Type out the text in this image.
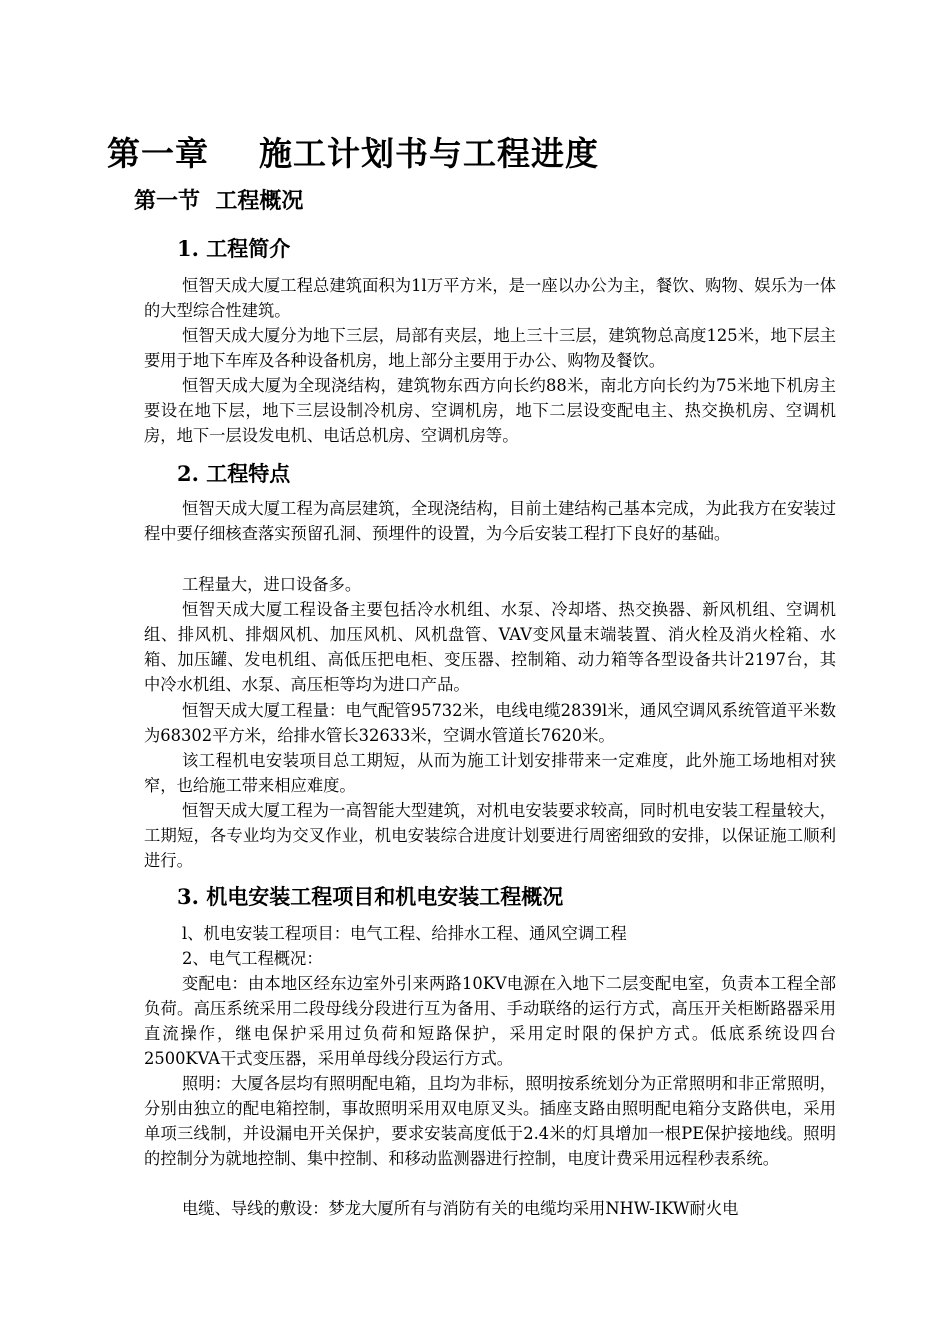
第一章    施工计划书与工程进度
第一节  工程概况
1. 工程简介

恒智天成大厦工程总建筑面积为1l万平方米，是一座以办公为主，餐饮、购物、娱乐为一体的大型综合性建筑。

恒智天成大厦分为地下三层，局部有夹层，地上三十三层，建筑物总高度125米，地下层主要用于地下车库及各种设备机房，地上部分主要用于办公、购物及餐饮。

恒智天成大厦为全现浇结构，建筑物东西方向长约88米，南北方向长约为75米地下机房主要设在地下层，地下三层设制冷机房、空调机房，地下二层设变配电主、热交换机房、空调机房，地下一层设发电机、电话总机房、空调机房等。

2. 工程特点

恒智天成大厦工程为高层建筑，全现浇结构，目前土建结构己基本完成，为此我方在安装过程中要仔细核查落实预留孔洞、预埋件的设置，为今后安装工程打下良好的基础。

工程量大，进口设备多。

恒智天成大厦工程设备主要包括冷水机组、水泵、冷却塔、热交换器、新风机组、空调机组、排风机、排烟风机、加压风机、风机盘管、VAV变风量末端装置、消火栓及消火栓箱、水箱、加压罐、发电机组、高低压把电柜、变压器、控制箱、动力箱等各型设备共计2197台，其中冷水机组、水泵、高压柜等均为进口产品。

恒智天成大厦工程量：电气配管95732米，电线电缆2839l米，通风空调风系统管道平米数为68302平方米，给排水管长32633米，空调水管道长7620米。

该工程机电安装项目总工期短，从而为施工计划安排带来一定难度，此外施工场地相对狭窄，也给施工带来相应难度。

恒智天成大厦工程为一高智能大型建筑，对机电安装要求较高，同时机电安装工程量较大，工期短，各专业均为交叉作业，机电安装综合进度计划要进行周密细致的安排，以保证施工顺利进行。

3. 机电安装工程项目和机电安装工程概况

l、机电安装工程项目：电气工程、给排水工程、通风空调工程

2、电气工程概况：

变配电：由本地区经东边室外引来两路10KV电源在入地下二层变配电室，负责本工程全部负荷。高压系统采用二段母线分段进行互为备用、手动联络的运行方式，高压开关柜断路器采用直流操作，继电保护采用过负荷和短路保护，采用定时限的保护方式。低底系统设四台2500KVA干式变压器，采用单母线分段运行方式。

照明：大厦各层均有照明配电箱，且均为非标，照明按系统划分为正常照明和非正常照明，分别由独立的配电箱控制，事故照明采用双电原叉头。插座支路由照明配电箱分支路供电，采用单项三线制，并设漏电开关保护，要求安装高度低于2.4米的灯具增加一根PE保护接地线。照明的控制分为就地控制、集中控制、和移动监测器进行控制，电度计费采用远程秒表系统。

电缆、导线的敷设：梦龙大厦所有与消防有关的电缆均采用NHW-IKW耐火电
